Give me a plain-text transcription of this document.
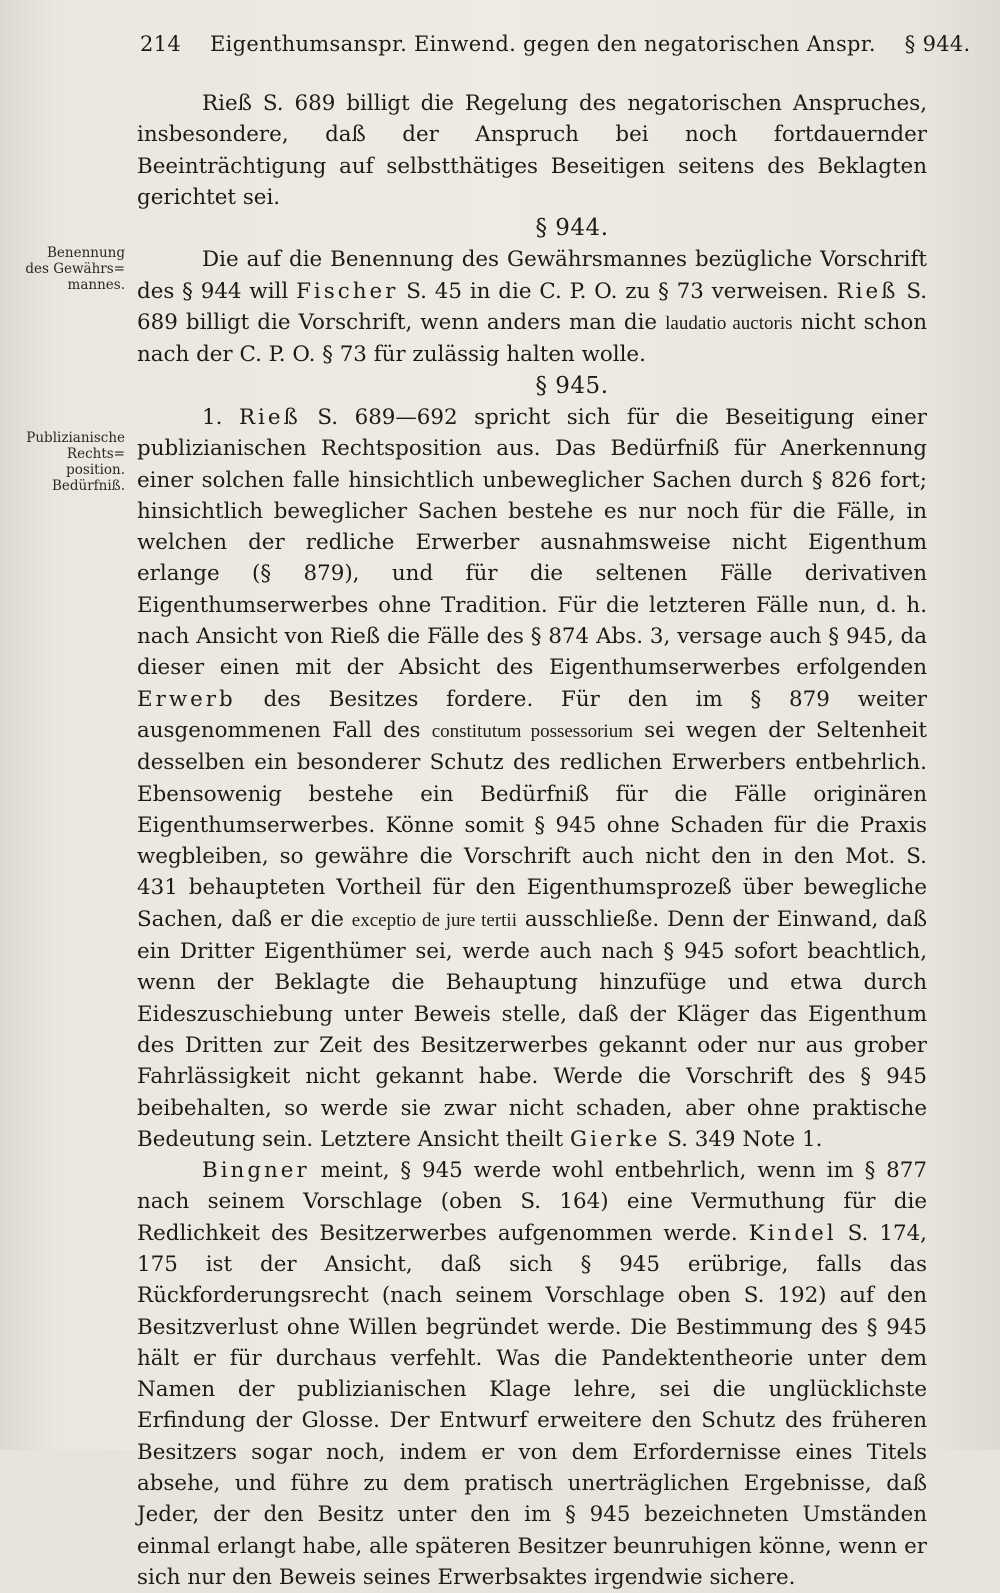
214 Eigenthumsanspr. Einwend. gegen den negatorischen Anspr. § 944.
Benennung
des Gewährs=
mannes.
Publizianische
Rechts=
position.
Bedürfniß.

Rieß S. 689 billigt die Regelung des negatorischen Anspruches, insbesondere, daß der Anspruch bei noch fortdauernder Beeinträchtigung auf selbstthätiges Beseitigen seitens des Beklagten gerichtet sei.

§ 944.

Die auf die Benennung des Gewährsmannes bezügliche Vorschrift des § 944 will Fischer S. 45 in die C. P. O. zu § 73 verweisen. Rieß S. 689 billigt die Vorschrift, wenn anders man die laudatio auctoris nicht schon nach der C. P. O. § 73 für zulässig halten wolle.

§ 945.

1. Rieß S. 689—692 spricht sich für die Beseitigung einer publizianischen Rechtsposition aus. Das Bedürfniß für Anerkennung einer solchen falle hinsichtlich unbeweglicher Sachen durch § 826 fort; hinsichtlich beweglicher Sachen bestehe es nur noch für die Fälle, in welchen der redliche Erwerber ausnahmsweise nicht Eigenthum erlange (§ 879), und für die seltenen Fälle derivativen Eigenthumserwerbes ohne Tradition. Für die letzteren Fälle nun, d. h. nach Ansicht von Rieß die Fälle des § 874 Abs. 3, versage auch § 945, da dieser einen mit der Absicht des Eigenthumserwerbes erfolgenden Erwerb des Besitzes fordere. Für den im § 879 weiter ausgenommenen Fall des constitutum possessorium sei wegen der Seltenheit desselben ein besonderer Schutz des redlichen Erwerbers entbehrlich. Ebensowenig bestehe ein Bedürfniß für die Fälle originären Eigenthumserwerbes. Könne somit § 945 ohne Schaden für die Praxis wegbleiben, so gewähre die Vorschrift auch nicht den in den Mot. S. 431 behaupteten Vortheil für den Eigenthumsprozeß über bewegliche Sachen, daß er die exceptio de jure tertii ausschließe. Denn der Einwand, daß ein Dritter Eigenthümer sei, werde auch nach § 945 sofort beachtlich, wenn der Beklagte die Behauptung hinzufüge und etwa durch Eideszuschiebung unter Beweis stelle, daß der Kläger das Eigenthum des Dritten zur Zeit des Besitzerwerbes gekannt oder nur aus grober Fahrlässigkeit nicht gekannt habe. Werde die Vorschrift des § 945 beibehalten, so werde sie zwar nicht schaden, aber ohne praktische Bedeutung sein. Letztere Ansicht theilt Gierke S. 349 Note 1.

Bingner meint, § 945 werde wohl entbehrlich, wenn im § 877 nach seinem Vorschlage (oben S. 164) eine Vermuthung für die Redlichkeit des Besitzerwerbes aufgenommen werde. Kindel S. 174, 175 ist der Ansicht, daß sich § 945 erübrige, falls das Rückforderungsrecht (nach seinem Vorschlage oben S. 192) auf den Besitzverlust ohne Willen begründet werde. Die Bestimmung des § 945 hält er für durchaus verfehlt. Was die Pandektentheorie unter dem Namen der publizianischen Klage lehre, sei die unglücklichste Erfindung der Glosse. Der Entwurf erweitere den Schutz des früheren Besitzers sogar noch, indem er von dem Erfordernisse eines Titels absehe, und führe zu dem pratisch unerträglichen Ergebnisse, daß Jeder, der den Besitz unter den im § 945 bezeichneten Umständen einmal erlangt habe, alle späteren Besitzer beunruhigen könne, wenn er sich nur den Beweis seines Erwerbsaktes irgendwie sichere.
